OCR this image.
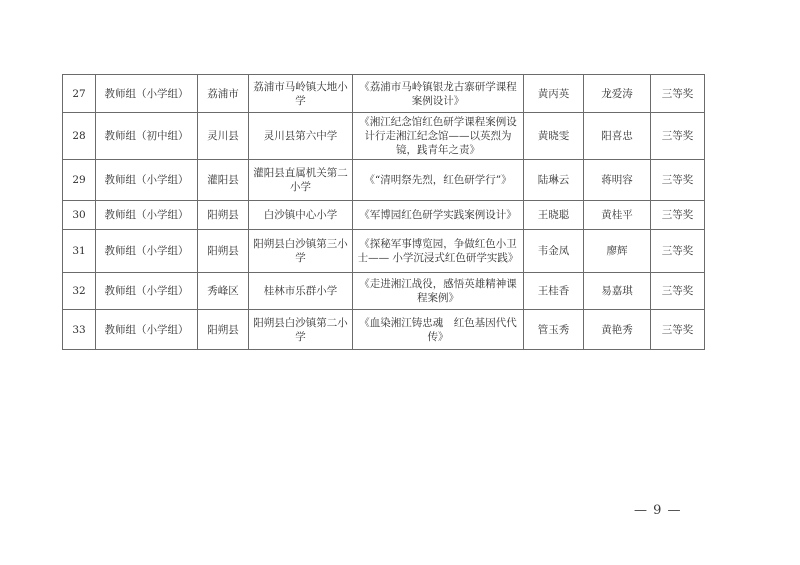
27	教师组（小学组）	荔浦市	荔浦市马岭镇大地小学	《荔浦市马岭镇银龙古寨研学课程案例设计》	黄丙英	龙爱涛	三等奖
28	教师组（初中组）	灵川县	灵川县第六中学	《湘江纪念馆红色研学课程案例设计行走湘江纪念馆——以英烈为镜，践青年之责》	黄晓雯	阳喜忠	三等奖
29	教师组（小学组）	灌阳县	灌阳县直属机关第二小学	《“清明祭先烈，红色研学行”》	陆琳云	蒋明容	三等奖
30	教师组（小学组）	阳朔县	白沙镇中心小学	《军博园红色研学实践案例设计》	王晓聪	黄桂平	三等奖
31	教师组（小学组）	阳朔县	阳朔县白沙镇第三小学	《探秘军事博览园，争做红色小卫士—— 小学沉浸式红色研学实践》	韦金凤	廖辉	三等奖
32	教师组（小学组）	秀峰区	桂林市乐群小学	《走进湘江战役，感悟英雄精神课程案例》	王桂香	易嘉琪	三等奖
33	教师组（小学组）	阳朔县	阳朔县白沙镇第二小学	《血染湘江铸忠魂　红色基因代代传》	管玉秀	黄艳秀	三等奖
— 9 —
